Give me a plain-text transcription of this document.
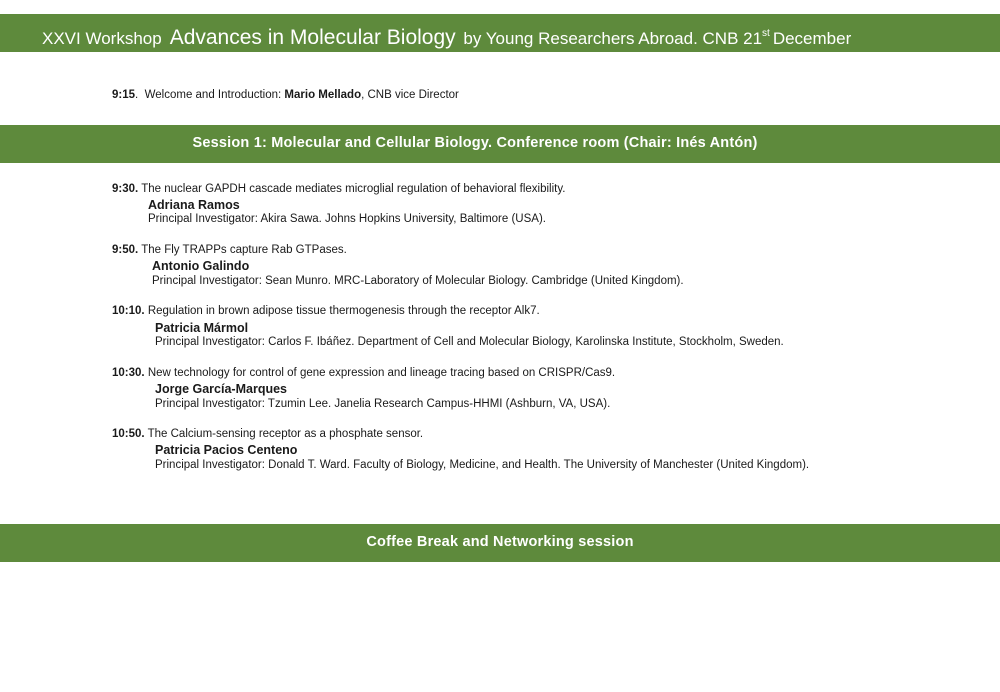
XXVI Workshop Advances in Molecular Biology by Young Researchers Abroad. CNB 21st December
9:15.  Welcome and Introduction: Mario Mellado, CNB vice Director
Session 1: Molecular and Cellular Biology. Conference room (Chair: Inés Antón)
9:30. The nuclear GAPDH cascade mediates microglial regulation of behavioral flexibility.
Adriana Ramos
Principal Investigator: Akira Sawa. Johns Hopkins University, Baltimore (USA).
9:50. The Fly TRAPPs capture Rab GTPases.
Antonio Galindo
Principal Investigator: Sean Munro. MRC-Laboratory of Molecular Biology. Cambridge (United Kingdom).
10:10. Regulation in brown adipose tissue thermogenesis through the receptor Alk7.
Patricia Mármol
Principal Investigator: Carlos F. Ibáñez. Department of Cell and Molecular Biology, Karolinska Institute, Stockholm, Sweden.
10:30. New technology for control of gene expression and lineage tracing based on CRISPR/Cas9.
Jorge García-Marques
Principal Investigator: Tzumin Lee. Janelia Research Campus-HHMI (Ashburn, VA, USA).
10:50. The Calcium-sensing receptor as a phosphate sensor.
Patricia Pacios Centeno
Principal Investigator: Donald T. Ward. Faculty of Biology, Medicine, and Health. The University of Manchester (United Kingdom).
Coffee Break and Networking session
